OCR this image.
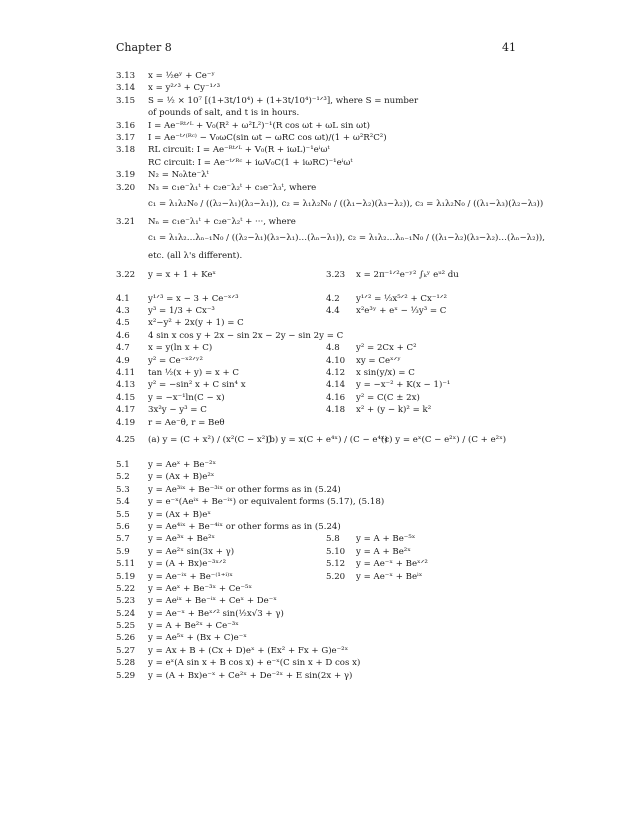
Chapter 8	41
3.13	x = ½eʸ + Ce⁻ʸ
3.14	x = y²ᐟ³ + Cy⁻¹ᐟ³
3.15	S = ½ × 10⁷ [(1+3t/10⁴) + (1+3t/10⁴)⁻¹ᐟ³], where S = number
of pounds of salt, and t is in hours.
3.16	I = Ae⁻ᴿᵗᐟᴸ + V₀(R² + ω²L²)⁻¹(R cos ωt + ωL sin ωt)
3.17	I = Ae⁻ᵗᐟ⁽ᴿᶜ⁾ − V₀ωC(sin ωt − ωRC cos ωt)/(1 + ω²R²C²)
3.18	RL circuit: I = Ae⁻ᴿᵗᐟᴸ + V₀(R + iωL)⁻¹eⁱωᵗ
RC circuit: I = Ae⁻ᵗᐟᴿᶜ + iωV₀C(1 + iωRC)⁻¹eⁱωᵗ
3.19	N₂ = N₀λte⁻λᵗ
3.20	N₃ = c₁e⁻λ₁ᵗ + c₂e⁻λ₂ᵗ + c₃e⁻λ₃ᵗ, where
c₁ = λ₁λ₂N₀ / ((λ₂−λ₁)(λ₃−λ₁)), c₂ = λ₁λ₂N₀ / ((λ₁−λ₂)(λ₃−λ₂)), c₃ = λ₁λ₂N₀ / ((λ₁−λ₃)(λ₂−λ₃))
3.21	Nₙ = c₁e⁻λ₁ᵗ + c₂e⁻λ₂ᵗ + ···, where
c₁ = λ₁λ₂…λₙ₋₁N₀ / ((λ₂−λ₁)(λ₃−λ₁)…(λₙ−λ₁)), c₂ = λ₁λ₂…λₙ₋₁N₀ / ((λ₁−λ₂)(λ₃−λ₂)…(λₙ−λ₂)),
etc. (all λ's different).
3.22	y = x + 1 + Keˣ	3.23 x = 2π⁻¹ᐟ²e⁻ʸ² ∫ₖʸ eᵘ² du
4.1	y¹ᐟ³ = x − 3 + Ce⁻ˣᐟ³	4.2 y¹ᐟ² = ⅓x⁵ᐟ² + Cx⁻¹ᐟ²
4.3	y³ = 1/3 + Cx⁻³	4.4 x²e³ʸ + eˣ − ⅓y³ = C
4.5	x²−y² + 2x(y + 1) = C
4.6	4 sin x cos y + 2x − sin 2x − 2y − sin 2y = C
4.7	x = y(ln x + C)	4.8 y² = 2Cx + C²
4.9	y² = Ce⁻ˣ²ᐟʸ²	4.10 xy = Ceˣᐟʸ
4.11	tan ½(x + y) = x + C	4.12 x sin(y/x) = C
4.13	y² = −sin² x + C sin⁴ x	4.14 y = −x⁻² + K(x − 1)⁻¹
4.15	y = −x⁻¹ln(C − x)	4.16 y² = C(C ± 2x)
4.17	3x²y − y³ = C	4.18 x² + (y − k)² = k²
4.19	r = Ae⁻θ, r = Beθ
4.25	(a) y = (C + x²) / (x²(C − x²))
(b) y = x(C + e⁴ˣ) / (C − e⁴ˣ)
(c) y = eˣ(C − e²ˣ) / (C + e²ˣ)
5.1	y = Aeˣ + Be⁻²ˣ
5.2	y = (Ax + B)e²ˣ
5.3	y = Ae³ⁱˣ + Be⁻³ⁱˣ or other forms as in (5.24)
5.4	y = e⁻ˣ(Aeⁱˣ + Be⁻ⁱˣ) or equivalent forms (5.17), (5.18)
5.5	y = (Ax + B)eˣ
5.6	y = Ae⁴ⁱˣ + Be⁻⁴ⁱˣ or other forms as in (5.24)
5.7	y = Ae³ˣ + Be²ˣ	5.8 y = A + Be⁻⁵ˣ
5.9	y = Ae²ˣ sin(3x + γ)	5.10 y = A + Be²ˣ
5.11	y = (A + Bx)e⁻³ˣᐟ²	5.12 y = Ae⁻ˣ + Beˣᐟ²
5.19	y = Ae⁻ⁱˣ + Be⁻⁽¹⁺ⁱ⁾ˣ	5.20 y = Ae⁻ˣ + Beⁱˣ
5.22	y = Aeˣ + Be⁻³ˣ + Ce⁻⁵ˣ
5.23	y = Aeⁱˣ + Be⁻ⁱˣ + Ceˣ + De⁻ˣ
5.24	y = Ae⁻ˣ + Beˣᐟ² sin(½x√3 + γ)
5.25	y = A + Be²ˣ + Ce⁻³ˣ
5.26	y = Ae⁵ˣ + (Bx + C)e⁻ˣ
5.27	y = Ax + B + (Cx + D)eˣ + (Ex² + Fx + G)e⁻²ˣ
5.28	y = eˣ(A sin x + B cos x) + e⁻ˣ(C sin x + D cos x)
5.29	y = (A + Bx)e⁻ˣ + Ce²ˣ + De⁻²ˣ + E sin(2x + γ)
